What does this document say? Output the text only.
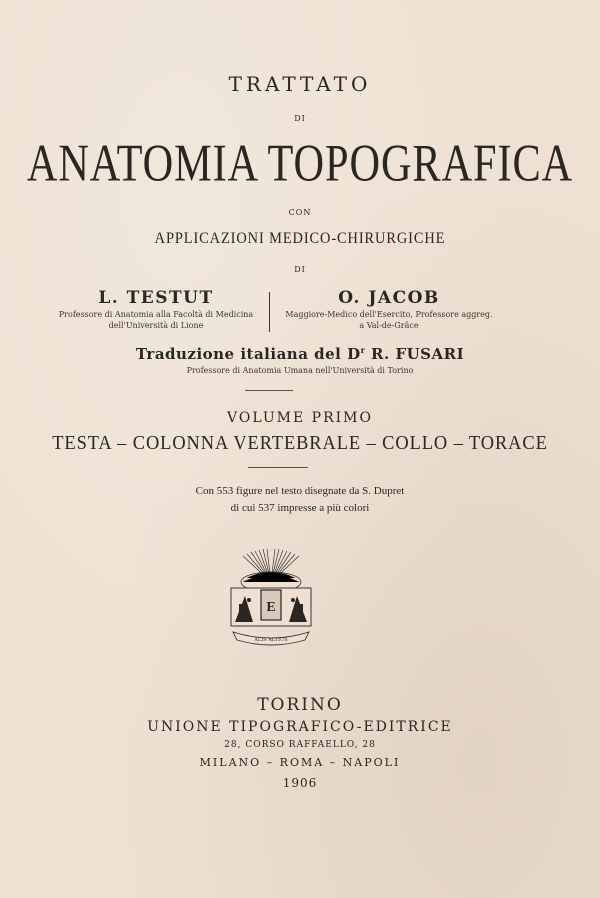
TRATTATO
DI
ANATOMIA TOPOGRAFICA
CON
APPLICAZIONI MEDICO-CHIRURGICHE
DI
L. TESTUT
Professore di Anatomia alla Facoltà di Medicina
dell'Università di Lione
O. JACOB
Maggiore-Medico dell'Esercito, Professore aggreg.
a Val-de-Grâce
Traduzione italiana del $D^r$ R. FUSARI
Professore di Anatomia Umana nell'Università di Torino
VOLUME PRIMO
TESTA – COLONNA VERTEBRALE – COLLO – TORACE
Con 553 figure nel testo disegnate da S. Dupret
di cui 537 impresse a più colori
E
ALIS ALTIUS
TORINO
UNIONE TIPOGRAFICO-EDITRICE
28, CORSO RAFFAELLO, 28
MILANO – ROMA – NAPOLI
1906
